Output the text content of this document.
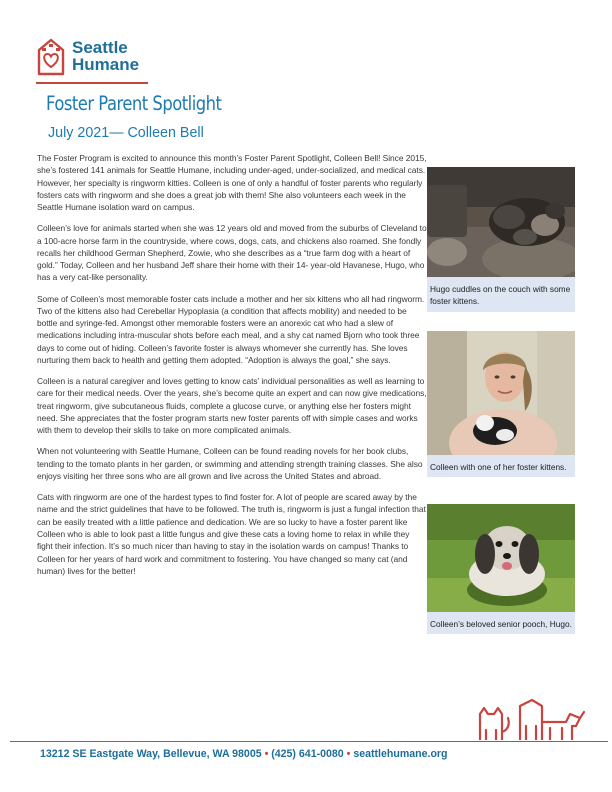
Seattle
Humane
Foster Parent Spotlight
July 2021— Colleen Bell

The Foster Program is excited to announce this month’s Foster Parent Spotlight, Colleen Bell! Since 2015, she’s fostered 141 animals for Seattle Humane, including under-aged, under-socialized, and medical cats. However, her specialty is ringworm kitties. Colleen is one of only a handful of foster parents who regularly fosters cats with ringworm and she does a great job with them! She also volunteers each week in the Seattle Humane isolation ward on campus.

Colleen’s love for animals started when she was 12 years old and moved from the suburbs of Cleveland to a 100-acre horse farm in the countryside, where cows, dogs, cats, and chickens also roamed. She fondly recalls her childhood German Shepherd, Zowie, who she describes as a “true farm dog with a heart of gold.” Today, Colleen and her husband Jeff share their home with their 14- year-old Havanese, Hugo, who has a very cat-like personality.

Some of Colleen’s most memorable foster cats include a mother and her six kittens who all had ringworm. Two of the kittens also had Cerebellar Hypoplasia (a condition that affects mobility) and needed to be bottle and syringe-fed. Amongst other memorable fosters were an anorexic cat who had a slew of medications including intra-muscular shots before each meal, and a shy cat named Bjorn who took three days to come out of hiding. Colleen’s favorite foster is always whomever she currently has. She loves nurturing them back to health and getting them adopted. “Adoption is always the goal,” she says.

Colleen is a natural caregiver and loves getting to know cats’ individual personalities as well as learning to care for their medical needs. Over the years, she’s become quite an expert and can now give medications, treat ringworm, give subcutaneous fluids, complete a glucose curve, or anything else her fosters might need. She appreciates that the foster program starts new foster parents off with simple cases and works with them to develop their skills to take on more complicated animals.

When not volunteering with Seattle Humane, Colleen can be found reading novels for her book clubs, tending to the tomato plants in her garden, or swimming and attending strength training classes. She also enjoys visiting her three sons who are all grown and live across the United States and abroad.

Cats with ringworm are one of the hardest types to find foster for. A lot of people are scared away by the name and the strict guidelines that have to be followed. The truth is, ringworm is just a fungal infection that can be easily treated with a little patience and dedication. We are so lucky to have a foster parent like Colleen who is able to look past a little fungus and give these cats a loving home to relax in while they fight their infection. It’s so much nicer than having to stay in the isolation wards on campus! Thanks to Colleen for her years of hard work and commitment to fostering. You have changed so many cat (and human) lives for the better!

Hugo cuddles on the couch with some foster kittens.

Colleen with one of her foster kittens.

Colleen’s beloved senior pooch, Hugo.

13212 SE Eastgate Way, Bellevue, WA 98005 • (425) 641-0080 • seattlehumane.org
